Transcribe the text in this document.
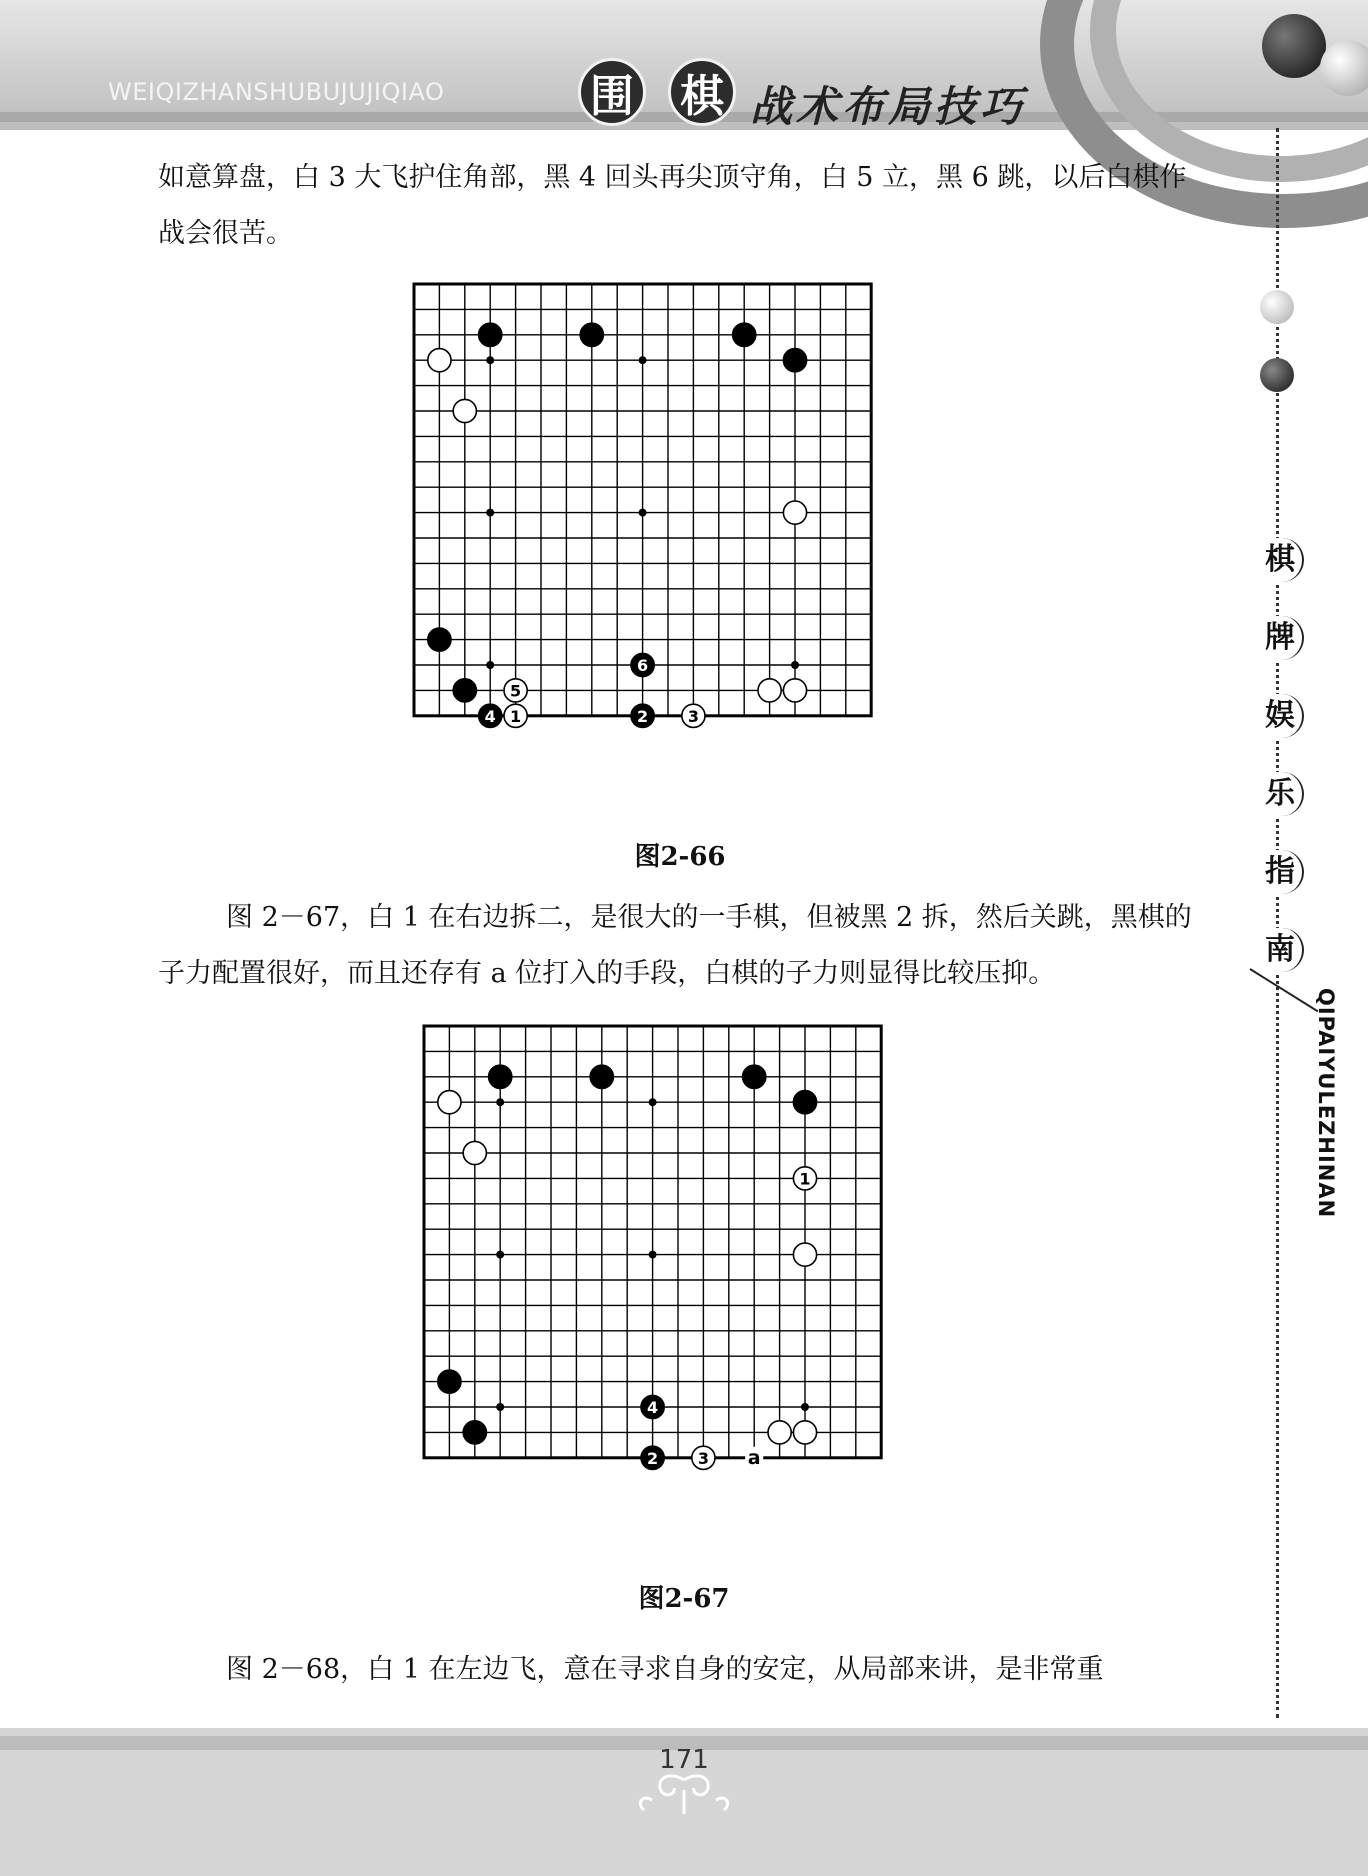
WEIQIZHANSHUBUJUJIQIAO	围 棋 战术布局技巧
棋
牌
娱
乐
指
南
QIPAIYULEZHINAN

如意算盘，白 3 大飞护住角部，黑 4 回头再尖顶守角，白 5 立，黑 6 跳，以后白棋作战会很苦。

1	2 3
4
5
6
图2-66

图 2－67，白 1 在右边拆二，是很大的一手棋，但被黑 2 拆，然后关跳，黑棋的子力配置很好，而且还存有 a 位打入的手段，白棋的子力则显得比较压抑。

1
2 3
4
a
图2-67

图 2－68，白 1 在左边飞，意在寻求自身的安定，从局部来讲，是非常重

171
